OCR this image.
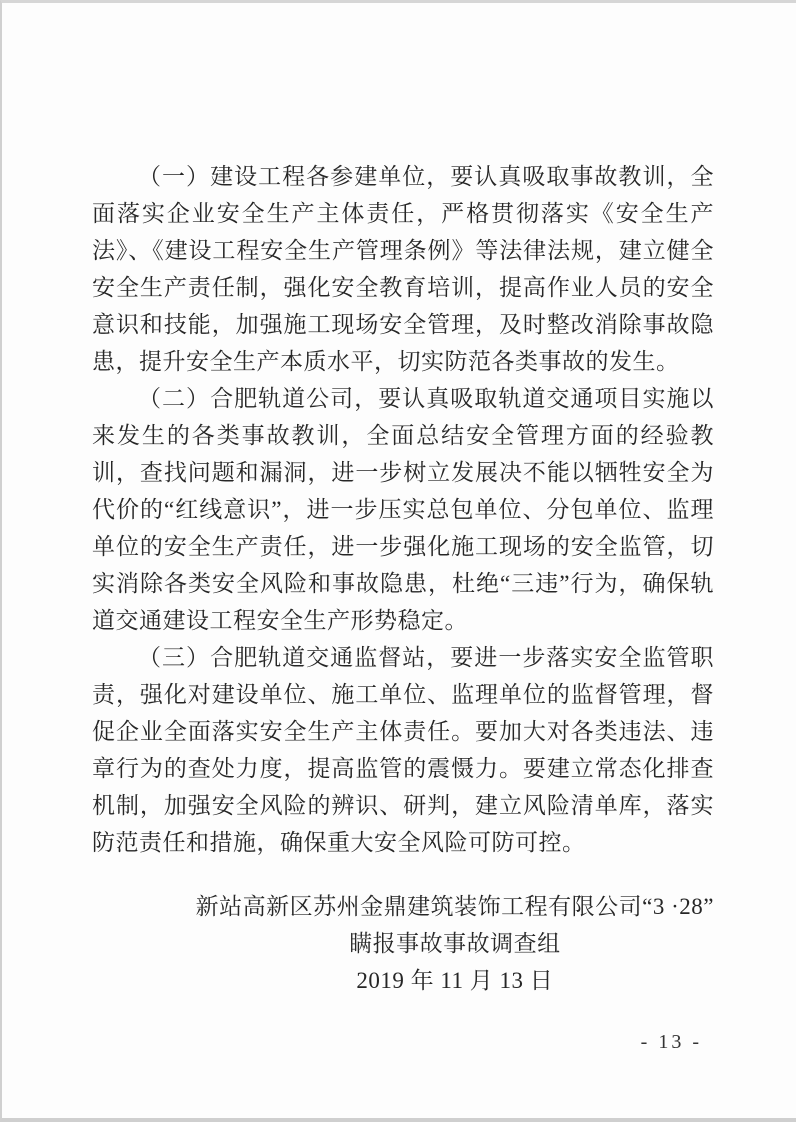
（一）建设工程各参建单位，要认真吸取事故教训，全面落实企业安全生产主体责任，严格贯彻落实《安全生产法》、《建设工程安全生产管理条例》等法律法规，建立健全安全生产责任制，强化安全教育培训，提高作业人员的安全意识和技能，加强施工现场安全管理，及时整改消除事故隐患，提升安全生产本质水平，切实防范各类事故的发生。

（二）合肥轨道公司，要认真吸取轨道交通项目实施以来发生的各类事故教训，全面总结安全管理方面的经验教训，查找问题和漏洞，进一步树立发展决不能以牺牲安全为代价的“红线意识”，进一步压实总包单位、分包单位、监理单位的安全生产责任，进一步强化施工现场的安全监管，切实消除各类安全风险和事故隐患，杜绝“三违”行为，确保轨道交通建设工程安全生产形势稳定。

（三）合肥轨道交通监督站，要进一步落实安全监管职责，强化对建设单位、施工单位、监理单位的监督管理，督促企业全面落实安全生产主体责任。要加大对各类违法、违章行为的查处力度，提高监管的震慑力。要建立常态化排查机制，加强安全风险的辨识、研判，建立风险清单库，落实防范责任和措施，确保重大安全风险可防可控。

新站高新区苏州金鼎建筑装饰工程有限公司“3 ·28”

瞒报事故事故调查组

2019 年 11 月 13 日

- 13 -
